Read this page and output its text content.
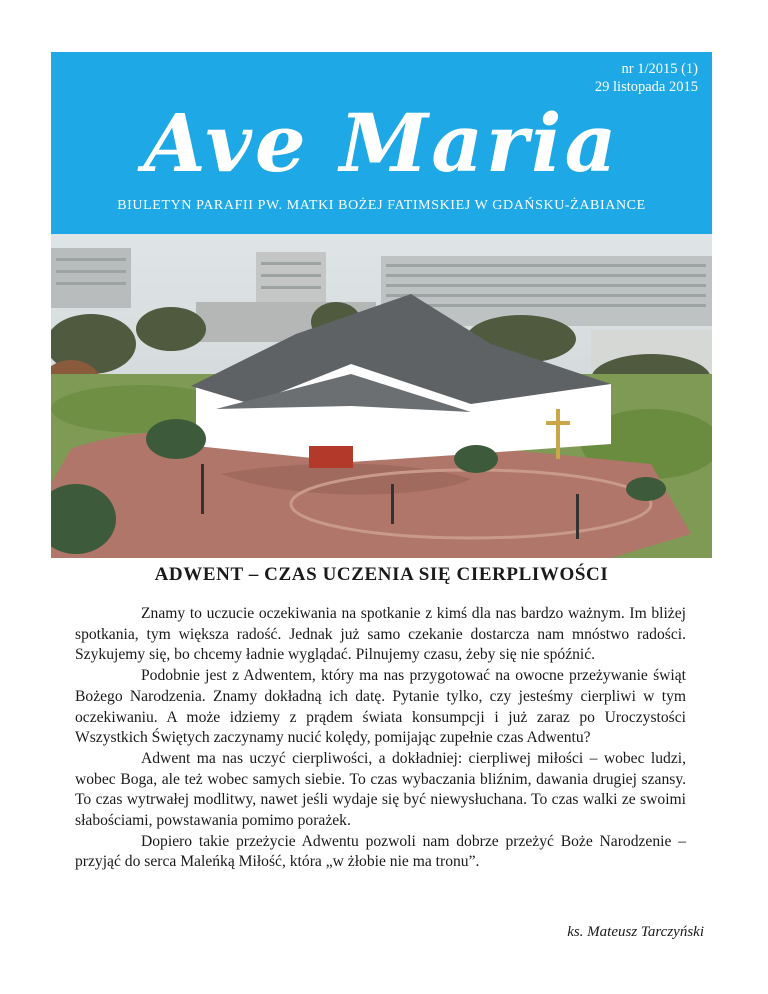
nr 1/2015 (1)
29 listopada 2015
Ave Maria
BIULETYN PARAFII PW. MATKI BOŻEJ FATIMSKIEJ W GDAŃSKU-ŻABIANCE
ADWENT – CZAS UCZENIA SIĘ CIERPLIWOŚCI

Znamy to uczucie oczekiwania na spotkanie z kimś dla nas bardzo ważnym. Im bliżej spotkania, tym większa radość. Jednak już samo czekanie dostarcza nam mnóstwo radości. Szykujemy się, bo chcemy ładnie wyglądać. Pilnujemy czasu, żeby się nie spóźnić.

Podobnie jest z Adwentem, który ma nas przygotować na owocne przeżywanie świąt Bożego Narodzenia. Znamy dokładną ich datę. Pytanie tylko, czy jesteśmy cierpliwi w tym oczekiwaniu. A może idziemy z prądem świata konsumpcji i już zaraz po Uroczystości Wszystkich Świętych zaczynamy nucić kolędy, pomijając zupełnie czas Adwentu?

Adwent ma nas uczyć cierpliwości, a dokładniej: cierpliwej miłości – wobec ludzi, wobec Boga, ale też wobec samych siebie. To czas wybaczania bliźnim, dawania drugiej szansy. To czas wytrwałej modlitwy, nawet jeśli wydaje się być niewysłuchana. To czas walki ze swoimi słabościami, powstawania pomimo porażek.

Dopiero takie przeżycie Adwentu pozwoli nam dobrze przeżyć Boże Narodzenie – przyjąć do serca Maleńką Miłość, która „w żłobie nie ma tronu”.

ks. Mateusz Tarczyński
